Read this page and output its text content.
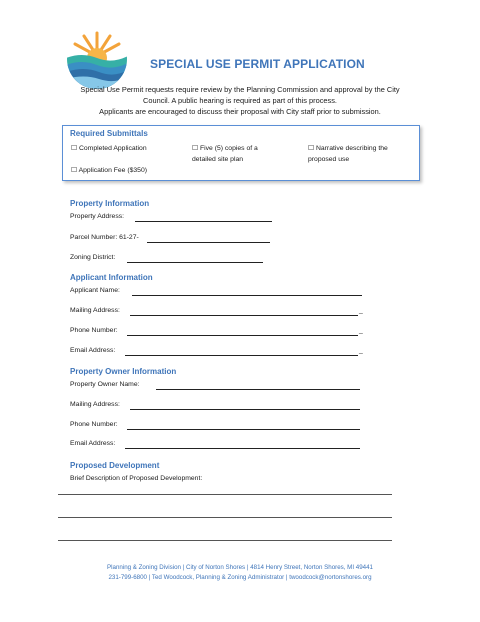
SPECIAL USE PERMIT APPLICATION
Special Use Permit requests require review by the Planning Commission and approval by the City
Council. A public hearing is required as part of this process.
Applicants are encouraged to discuss their proposal with City staff prior to submission.
Required Submittals
☐ Completed Application	☐ Five (5) copies of a
detailed site plan
☐ Narrative describing the
proposed use
☐ Application Fee ($350)
Property Information
Property Address:
Parcel Number: 61-27-
Zoning District:
Applicant Information
Applicant Name:
Mailing Address:	_
Phone Number:	_
Email Address:	_
Property Owner Information
Property Owner Name:
Mailing Address:
Phone Number:
Email Address:
Proposed Development
Brief Description of Proposed Development:
Planning & Zoning Division | City of Norton Shores | 4814 Henry Street, Norton Shores, MI 49441
231-799-6800 | Ted Woodcock, Planning & Zoning Administrator | twoodcock@nortonshores.org
